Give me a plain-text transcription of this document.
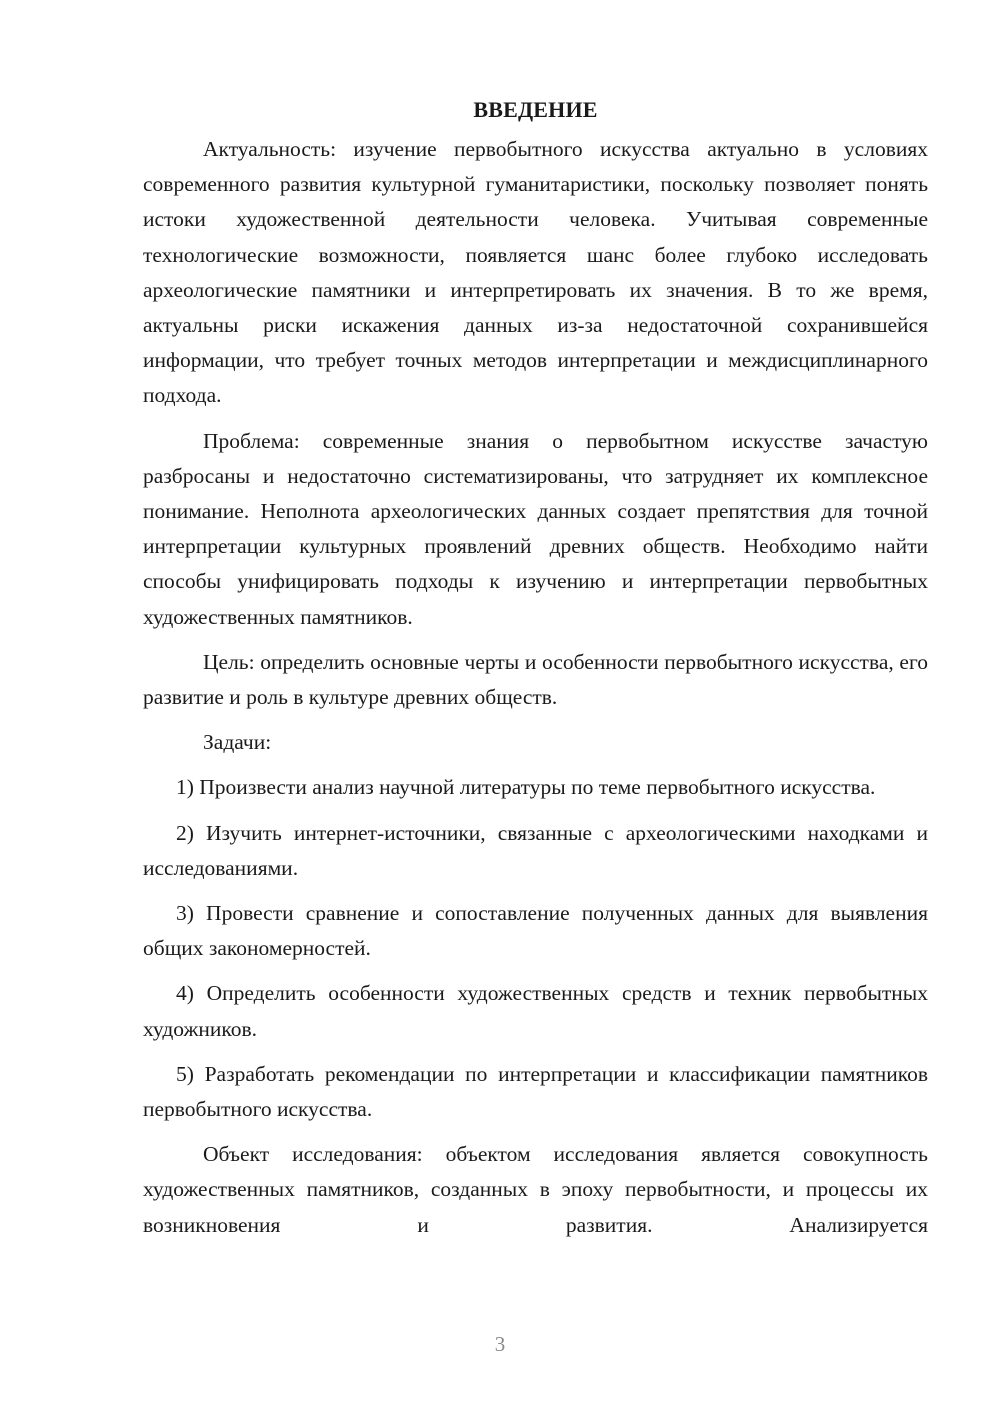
ВВЕДЕНИЕ

Актуальность: изучение первобытного искусства актуально в условиях современного развития культурной гуманитаристики, поскольку позволяет понять истоки художественной деятельности человека. Учитывая современные технологические возможности, появляется шанс более глубоко исследовать археологические памятники и интерпретировать их значения. В то же время, актуальны риски искажения данных из-за недостаточной сохранившейся информации, что требует точных методов интерпретации и междисциплинарного подхода.

Проблема: современные знания о первобытном искусстве зачастую разбросаны и недостаточно систематизированы, что затрудняет их комплексное понимание. Неполнота археологических данных создает препятствия для точной интерпретации культурных проявлений древних обществ. Необходимо найти способы унифицировать подходы к изучению и интерпретации первобытных художественных памятников.

Цель: определить основные черты и особенности первобытного искусства, его развитие и роль в культуре древних обществ.

Задачи:

1) Произвести анализ научной литературы по теме первобытного искусства.

2) Изучить интернет-источники, связанные с археологическими находками и исследованиями.

3) Провести сравнение и сопоставление полученных данных для выявления общих закономерностей.

4) Определить особенности художественных средств и техник первобытных художников.

5) Разработать рекомендации по интерпретации и классификации памятников первобытного искусства.

Объект исследования: объектом исследования является совокупность художественных памятников, созданных в эпоху первобытности, и процессы их возникновения и развития. Анализируется

3
